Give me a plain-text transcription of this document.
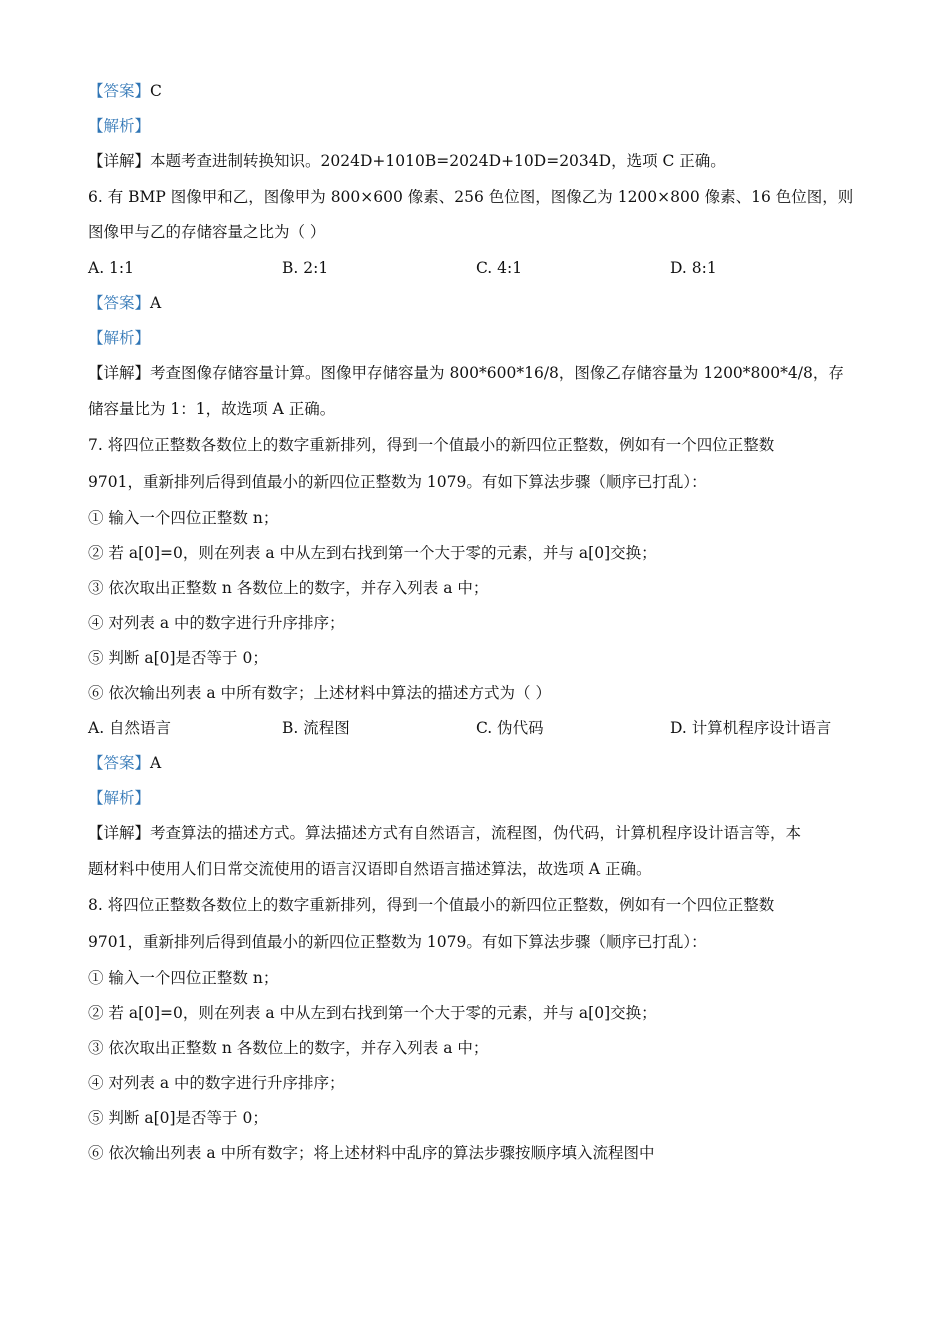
【答案】C
【解析】
【详解】本题考查进制转换知识。2024D+1010B=2024D+10D=2034D，选项 C 正确。
6. 有 BMP 图像甲和乙，图像甲为 800×600 像素、256 色位图，图像乙为 1200×800 像素、16 色位图，则
图像甲与乙的存储容量之比为（ ）
A. 1:1	B. 2:1	C. 4:1	D. 8:1
【答案】A
【解析】
【详解】考查图像存储容量计算。图像甲存储容量为 800*600*16/8，图像乙存储容量为 1200*800*4/8，存
储容量比为 1：1，故选项 A 正确。
7. 将四位正整数各数位上的数字重新排列，得到一个值最小的新四位正整数，例如有一个四位正整数
9701，重新排列后得到值最小的新四位正整数为 1079。有如下算法步骤（顺序已打乱）：
① 输入一个四位正整数 n；
② 若 a[0]=0，则在列表 a 中从左到右找到第一个大于零的元素，并与 a[0]交换；
③ 依次取出正整数 n 各数位上的数字，并存入列表 a 中；
④ 对列表 a 中的数字进行升序排序；
⑤ 判断 a[0]是否等于 0；
⑥ 依次输出列表 a 中所有数字；上述材料中算法的描述方式为（ ）
A. 自然语言	B. 流程图	C. 伪代码	D. 计算机程序设计语言
【答案】A
【解析】
【详解】考查算法的描述方式。算法描述方式有自然语言，流程图，伪代码，计算机程序设计语言等，本
题材料中使用人们日常交流使用的语言汉语即自然语言描述算法，故选项 A 正确。
8. 将四位正整数各数位上的数字重新排列，得到一个值最小的新四位正整数，例如有一个四位正整数
9701，重新排列后得到值最小的新四位正整数为 1079。有如下算法步骤（顺序已打乱）：
① 输入一个四位正整数 n；
② 若 a[0]=0，则在列表 a 中从左到右找到第一个大于零的元素，并与 a[0]交换；
③ 依次取出正整数 n 各数位上的数字，并存入列表 a 中；
④ 对列表 a 中的数字进行升序排序；
⑤ 判断 a[0]是否等于 0；
⑥ 依次输出列表 a 中所有数字；将上述材料中乱序的算法步骤按顺序填入流程图中
